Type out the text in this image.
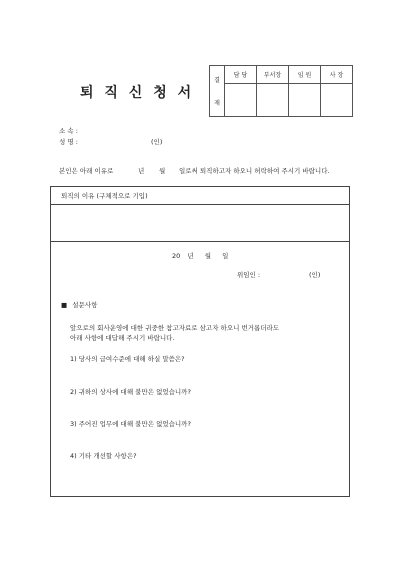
퇴 직 신 청 서
결
재	담 당	부서장	임 원	사 장

소 속 :
성 명 :	(인)
본인은 아래 이유로	년 월 일로써 퇴직하고자 하오니 허락하여 주시기 바랍니다.
퇴직의 이유 (구체적으로 기입)
20 년 월 일
위임인 :	(인)
■ 설문사항
앞으로의 회사운영에 대한 귀중한 참고자료로 삼고자 하오니 번거롭더라도
아래 사항에 대답해 주시기 바랍니다.
1) 당사의 급여수준에 대해 하실 말씀은?
2) 귀하의 상사에 대해 불만은 없었습니까?
3) 주어진 업무에 대해 불만은 없었습니까?
4) 기타 개선할 사항은?
